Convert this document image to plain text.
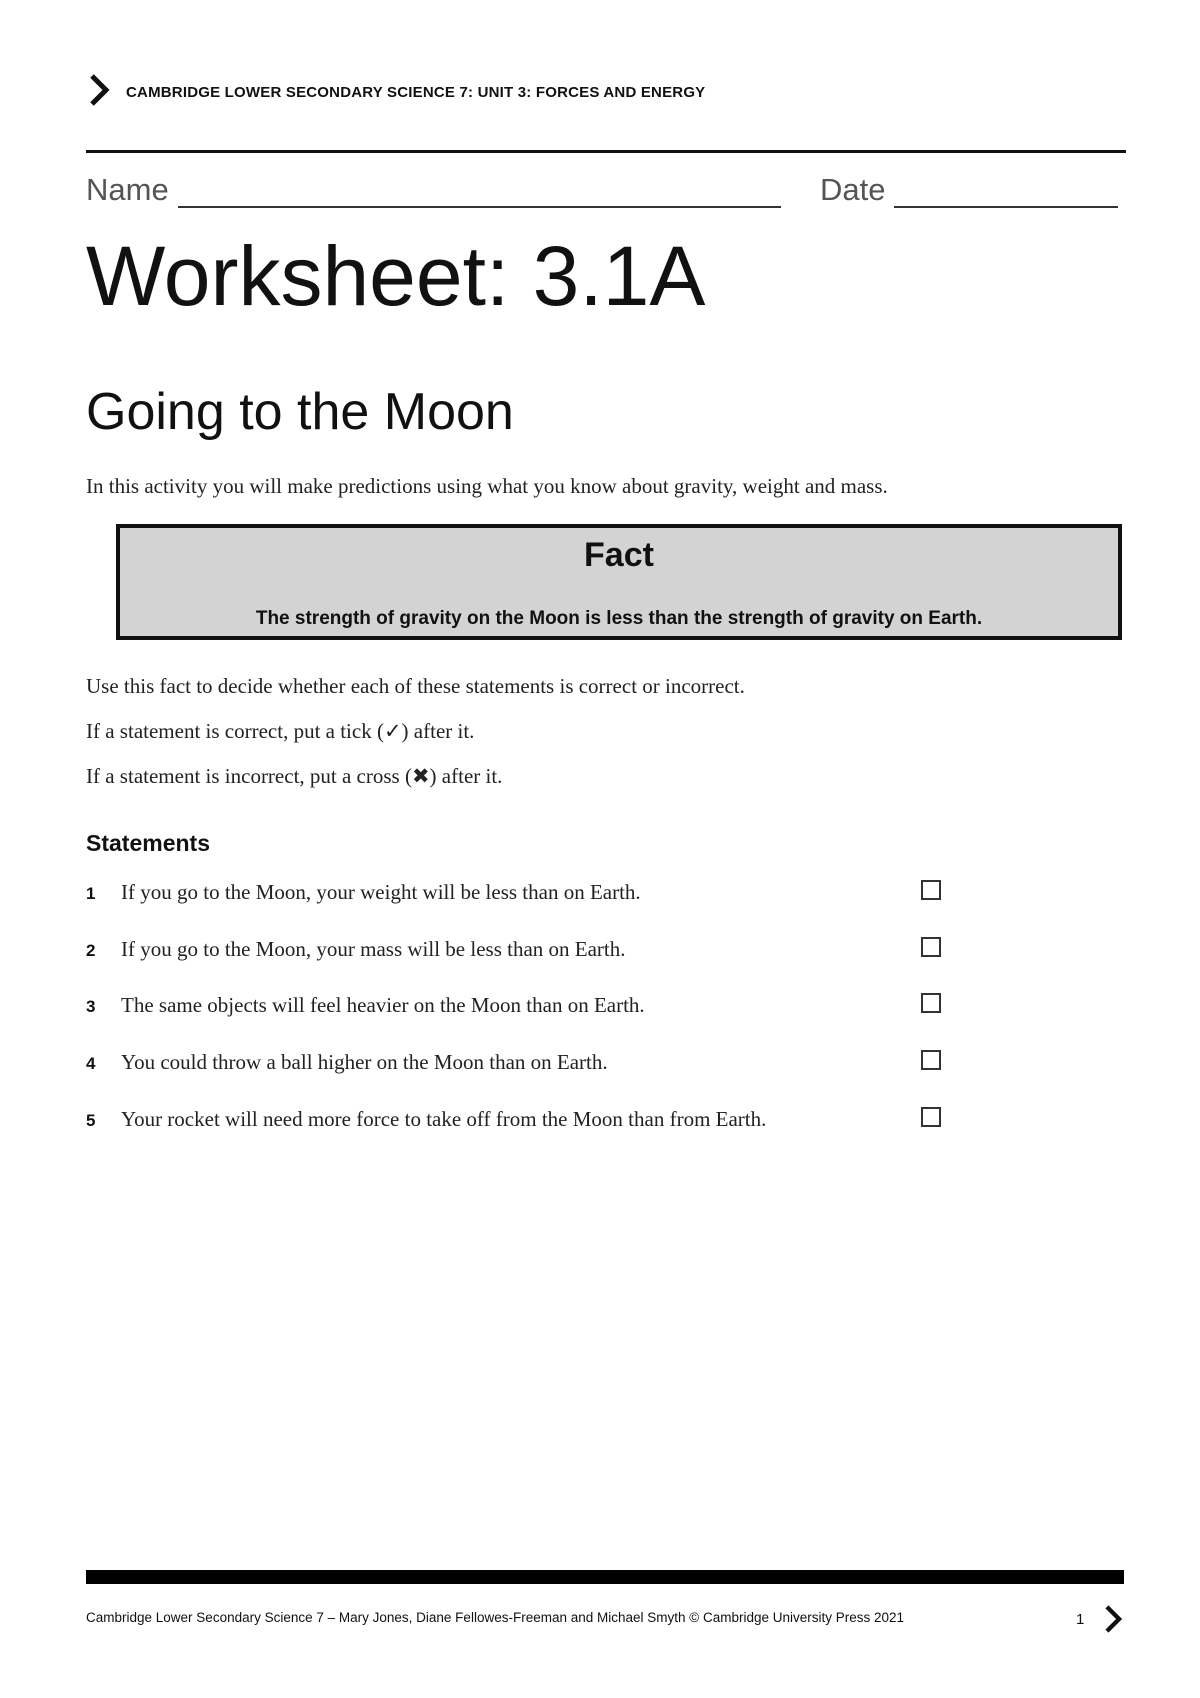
CAMBRIDGE LOWER SECONDARY SCIENCE 7: UNIT 3: FORCES AND ENERGY
Name	Date
Worksheet: 3.1A
Going to the Moon
In this activity you will make predictions using what you know about gravity, weight and mass.
Fact
The strength of gravity on the Moon is less than the strength of gravity on Earth.
Use this fact to decide whether each of these statements is correct or incorrect.
If a statement is correct, put a tick (✓) after it.
If a statement is incorrect, put a cross (✖) after it.
Statements
1 If you go to the Moon, your weight will be less than on Earth.
2 If you go to the Moon, your mass will be less than on Earth.
3 The same objects will feel heavier on the Moon than on Earth.
4 You could throw a ball higher on the Moon than on Earth.
5 Your rocket will need more force to take off from the Moon than from Earth.
Cambridge Lower Secondary Science 7 – Mary Jones, Diane Fellowes-Freeman and Michael Smyth © Cambridge University Press 2021	1
